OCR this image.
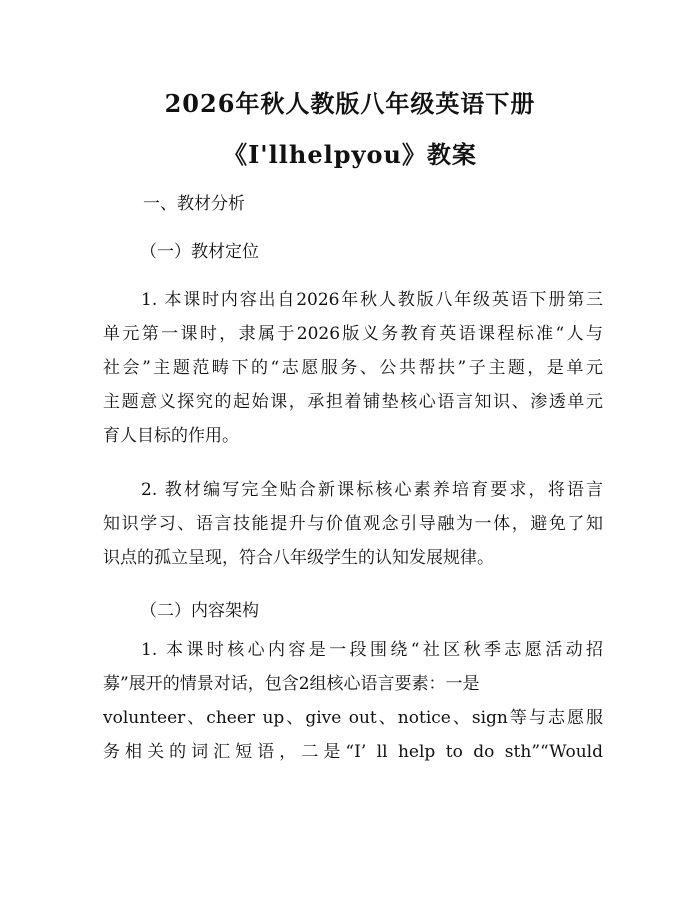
2026年秋人教版八年级英语下册
《I'llhelpyou》教案
一、教材分析
（一）教材定位
1. 本课时内容出自2026年秋人教版八年级英语下册第三
单元第一课时，隶属于2026版义务教育英语课程标准“人与
社会”主题范畴下的“志愿服务、公共帮扶”子主题，是单元
主题意义探究的起始课，承担着铺垫核心语言知识、渗透单元
育人目标的作用。
2. 教材编写完全贴合新课标核心素养培育要求，将语言
知识学习、语言技能提升与价值观念引导融为一体，避免了知
识点的孤立呈现，符合八年级学生的认知发展规律。
（二）内容架构
1. 本课时核心内容是一段围绕“社区秋季志愿活动招
募”展开的情景对话，包含2组核心语言要素：一是
volunteer、cheer up、give out、notice、sign等与志愿服
务相关的词汇短语，二是“I’ ll help to do sth”“Would
